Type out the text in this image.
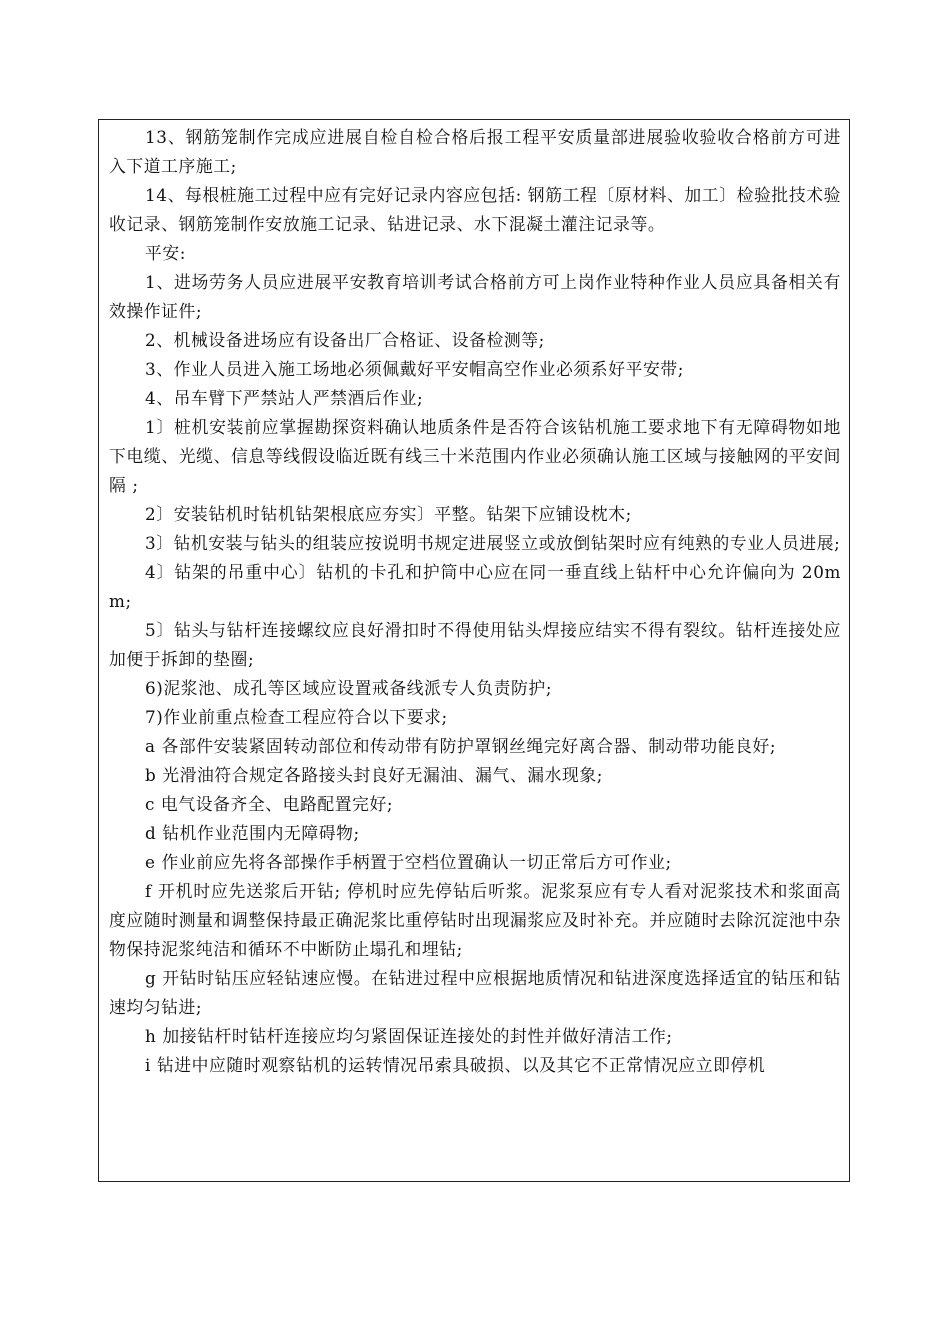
13、钢筋笼制作完成应进展自检自检合格后报工程平安质量部进展验收验收合格前方可进入下道工序施工;

14、每根桩施工过程中应有完好记录内容应包括: 钢筋工程〔原材料、加工〕检验批技术验收记录、钢筋笼制作安放施工记录、钻进记录、水下混凝土灌注记录等。

平安:

1、进场劳务人员应进展平安教育培训考试合格前方可上岗作业特种作业人员应具备相关有效操作证件;

2、机械设备进场应有设备出厂合格证、设备检测等;

3、作业人员进入施工场地必须佩戴好平安帽高空作业必须系好平安带;

4、吊车臂下严禁站人严禁酒后作业;

1〕桩机安装前应掌握勘探资料确认地质条件是否符合该钻机施工要求地下有无障碍物如地下电缆、光缆、信息等线假设临近既有线三十米范围内作业必须确认施工区域与接触网的平安间隔 ;

2〕安装钻机时钻机钻架根底应夯实〕平整。钻架下应铺设枕木;

3〕钻机安装与钻头的组装应按说明书规定进展竖立或放倒钻架时应有纯熟的专业人员进展;

4〕钻架的吊重中心〕钻机的卡孔和护筒中心应在同一垂直线上钻杆中心允许偏向为 20mm;

5〕钻头与钻杆连接螺纹应良好滑扣时不得使用钻头焊接应结实不得有裂纹。钻杆连接处应加便于拆卸的垫圈;

6)泥浆池、成孔等区域应设置戒备线派专人负责防护;

7)作业前重点检查工程应符合以下要求;

a 各部件安装紧固转动部位和传动带有防护罩钢丝绳完好离合器、制动带功能良好;

b 光滑油符合规定各路接头封良好无漏油、漏气、漏水现象;

c 电气设备齐全、电路配置完好;

d 钻机作业范围内无障碍物;

e 作业前应先将各部操作手柄置于空档位置确认一切正常后方可作业;

f 开机时应先送浆后开钻; 停机时应先停钻后听浆。泥浆泵应有专人看对泥浆技术和浆面高度应随时测量和调整保持最正确泥浆比重停钻时出现漏浆应及时补充。并应随时去除沉淀池中杂物保持泥浆纯洁和循环不中断防止塌孔和埋钻;

g 开钻时钻压应轻钻速应慢。在钻进过程中应根据地质情况和钻进深度选择适宜的钻压和钻速均匀钻进;

h 加接钻杆时钻杆连接应均匀紧固保证连接处的封性并做好清洁工作;

i 钻进中应随时观察钻机的运转情况吊索具破损、以及其它不正常情况应立即停机
